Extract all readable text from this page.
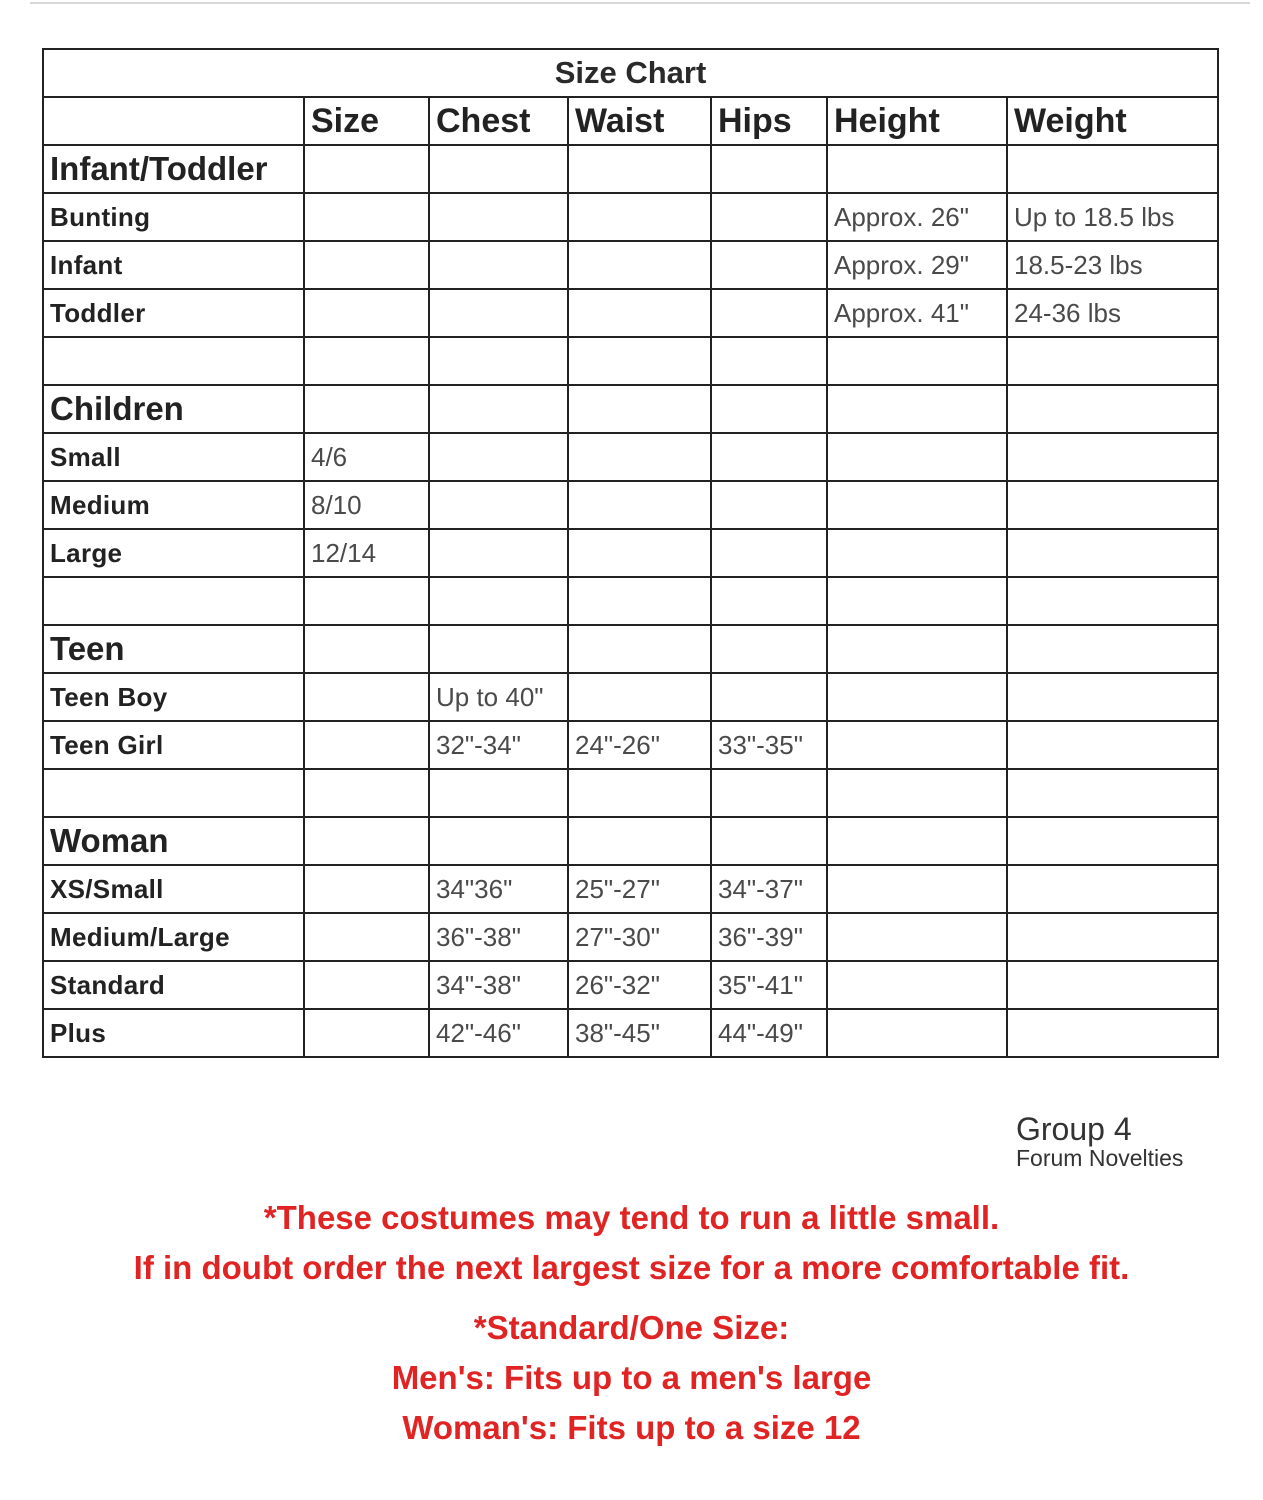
Size Chart						
	Size	Chest	Waist	Hips	Height	Weight
Infant/Toddler						
Bunting					Approx. 26"	Up to 18.5 lbs
Infant					Approx. 29"	18.5-23 lbs
Toddler					Approx. 41"	24-36 lbs

Children						
Small	4/6					
Medium	8/10					
Large	12/14					

Teen						
Teen Boy		Up to 40"				
Teen Girl		32"-34"	24"-26"	33"-35"		

Woman						
XS/Small		34"36"	25"-27"	34"-37"		
Medium/Large		36"-38"	27"-30"	36"-39"		
Standard		34"-38"	26"-32"	35"-41"		
Plus		42"-46"	38"-45"	44"-49"		
Group 4
Forum Novelties
*These costumes may tend to run a little small.
If in doubt order the next largest size for a more comfortable fit.
*Standard/One Size:
Men's: Fits up to a men's large
Woman's: Fits up to a size 12
